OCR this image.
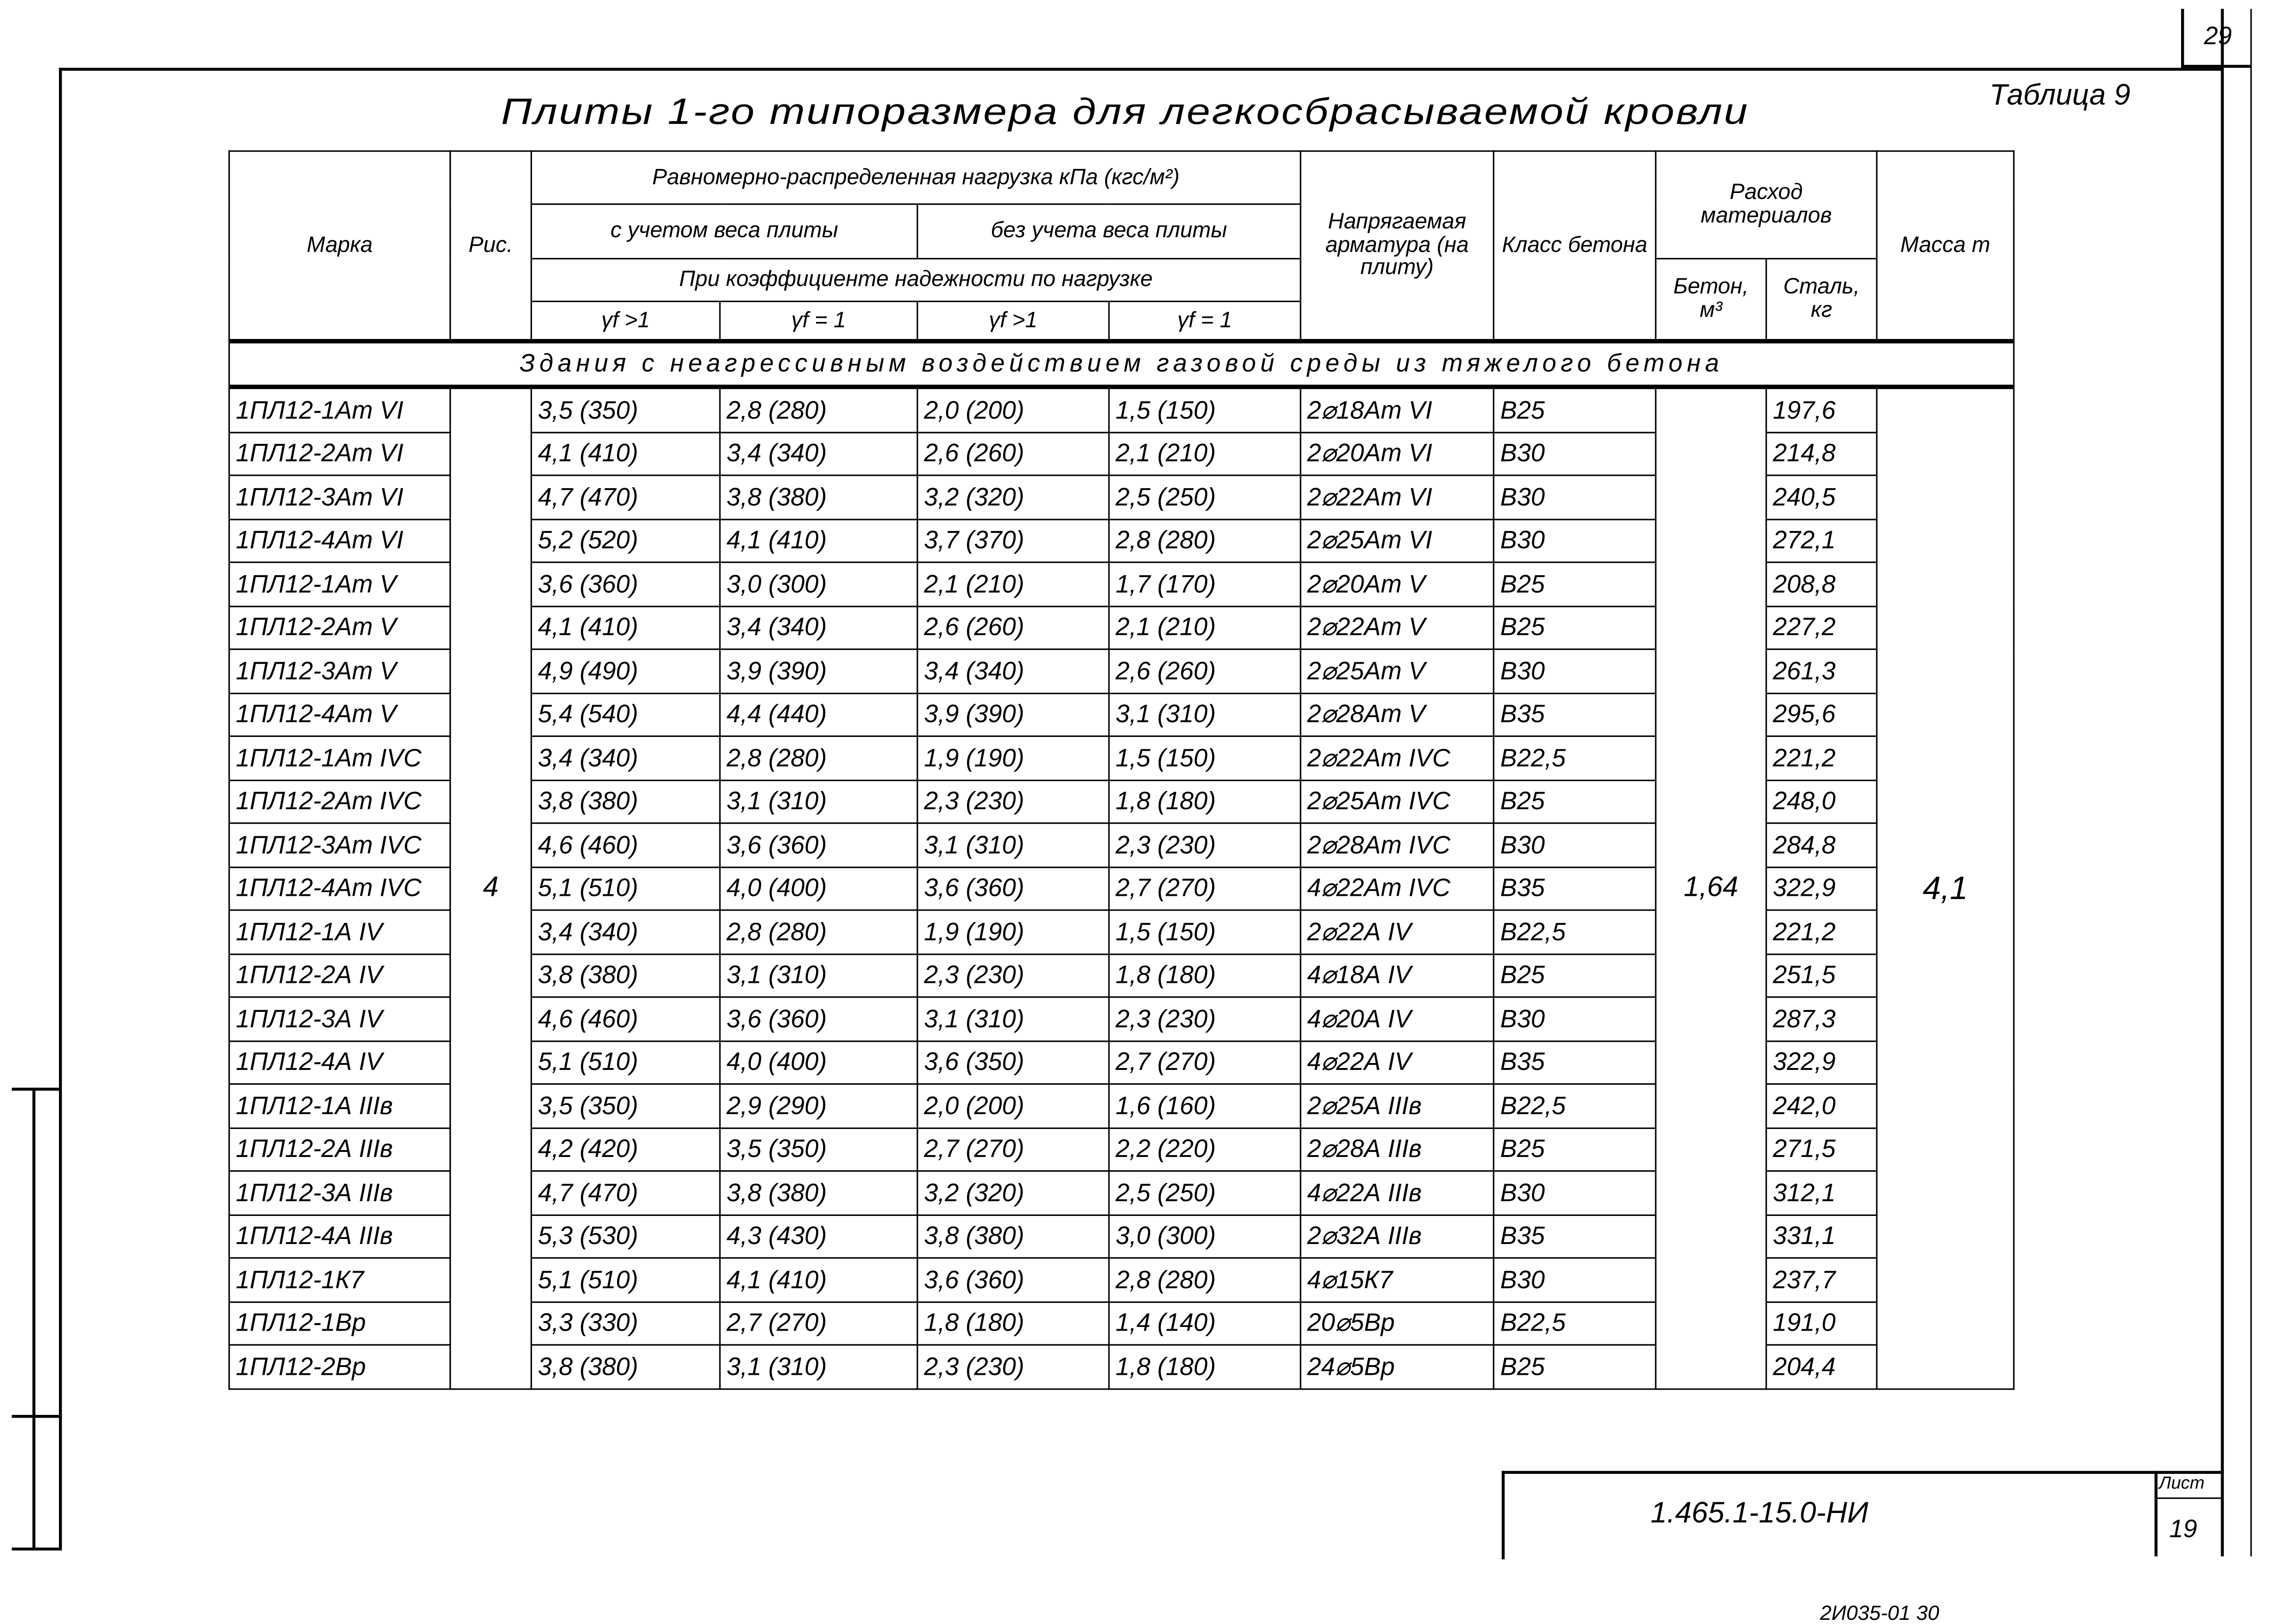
29
Плиты 1-го типоразмера для легкосбрасываемой кровли	Таблица 9
Марка	Рис.	Равномерно-распределенная нагрузка кПа (кгс/м²)				Напрягаемая арматура (на плиту)	Класс бетона	Расход материалов		Масса т
		с учетом веса плиты		без учета веса плиты						
		При коэффициенте надежности по нагрузке						Бетон, м³	Сталь, кг	
		γf >1	γf = 1	γf >1	γf = 1					
Здания с неагрессивным воздействием газовой среды из тяжелого бетона										
1ПЛ12-1Ат VI	4	3,5 (350)	2,8 (280)	2,0 (200)	1,5 (150)	2⌀18Ат VI	В25	1,64	197,6	4,1
1ПЛ12-2Ат VI		4,1 (410)	3,4 (340)	2,6 (260)	2,1 (210)	2⌀20Ат VI	В30		214,8	
1ПЛ12-3Ат VI		4,7 (470)	3,8 (380)	3,2 (320)	2,5 (250)	2⌀22Ат VI	В30		240,5	
1ПЛ12-4Ат VI		5,2 (520)	4,1 (410)	3,7 (370)	2,8 (280)	2⌀25Ат VI	В30		272,1	
1ПЛ12-1Ат V		3,6 (360)	3,0 (300)	2,1 (210)	1,7 (170)	2⌀20Ат V	В25		208,8	
1ПЛ12-2Ат V		4,1 (410)	3,4 (340)	2,6 (260)	2,1 (210)	2⌀22Ат V	В25		227,2	
1ПЛ12-3Ат V		4,9 (490)	3,9 (390)	3,4 (340)	2,6 (260)	2⌀25Ат V	В30		261,3	
1ПЛ12-4Ат V		5,4 (540)	4,4 (440)	3,9 (390)	3,1 (310)	2⌀28Ат V	В35		295,6	
1ПЛ12-1Ат IVС		3,4 (340)	2,8 (280)	1,9 (190)	1,5 (150)	2⌀22Ат IVС	В22,5		221,2	
1ПЛ12-2Ат IVС		3,8 (380)	3,1 (310)	2,3 (230)	1,8 (180)	2⌀25Ат IVС	В25		248,0	
1ПЛ12-3Ат IVС		4,6 (460)	3,6 (360)	3,1 (310)	2,3 (230)	2⌀28Ат IVС	В30		284,8	
1ПЛ12-4Ат IVС		5,1 (510)	4,0 (400)	3,6 (360)	2,7 (270)	4⌀22Ат IVС	В35		322,9	
1ПЛ12-1А IV		3,4 (340)	2,8 (280)	1,9 (190)	1,5 (150)	2⌀22А IV	В22,5		221,2	
1ПЛ12-2А IV		3,8 (380)	3,1 (310)	2,3 (230)	1,8 (180)	4⌀18А IV	В25		251,5	
1ПЛ12-3А IV		4,6 (460)	3,6 (360)	3,1 (310)	2,3 (230)	4⌀20А IV	В30		287,3	
1ПЛ12-4А IV		5,1 (510)	4,0 (400)	3,6 (350)	2,7 (270)	4⌀22А IV	В35		322,9	
1ПЛ12-1А IIIв		3,5 (350)	2,9 (290)	2,0 (200)	1,6 (160)	2⌀25А IIIв	В22,5		242,0	
1ПЛ12-2А IIIв		4,2 (420)	3,5 (350)	2,7 (270)	2,2 (220)	2⌀28А IIIв	В25		271,5	
1ПЛ12-3А IIIв		4,7 (470)	3,8 (380)	3,2 (320)	2,5 (250)	4⌀22А IIIв	В30		312,1	
1ПЛ12-4А IIIв		5,3 (530)	4,3 (430)	3,8 (380)	3,0 (300)	2⌀32А IIIв	В35		331,1	
1ПЛ12-1К7		5,1 (510)	4,1 (410)	3,6 (360)	2,8 (280)	4⌀15К7	В30		237,7	
1ПЛ12-1Вр		3,3 (330)	2,7 (270)	1,8 (180)	1,4 (140)	20⌀5Вр	В22,5		191,0	
1ПЛ12-2Вр		3,8 (380)	3,1 (310)	2,3 (230)	1,8 (180)	24⌀5Вр	В25		204,4	
1.465.1-15.0-НИ
Лист
19
2И035-01 30
